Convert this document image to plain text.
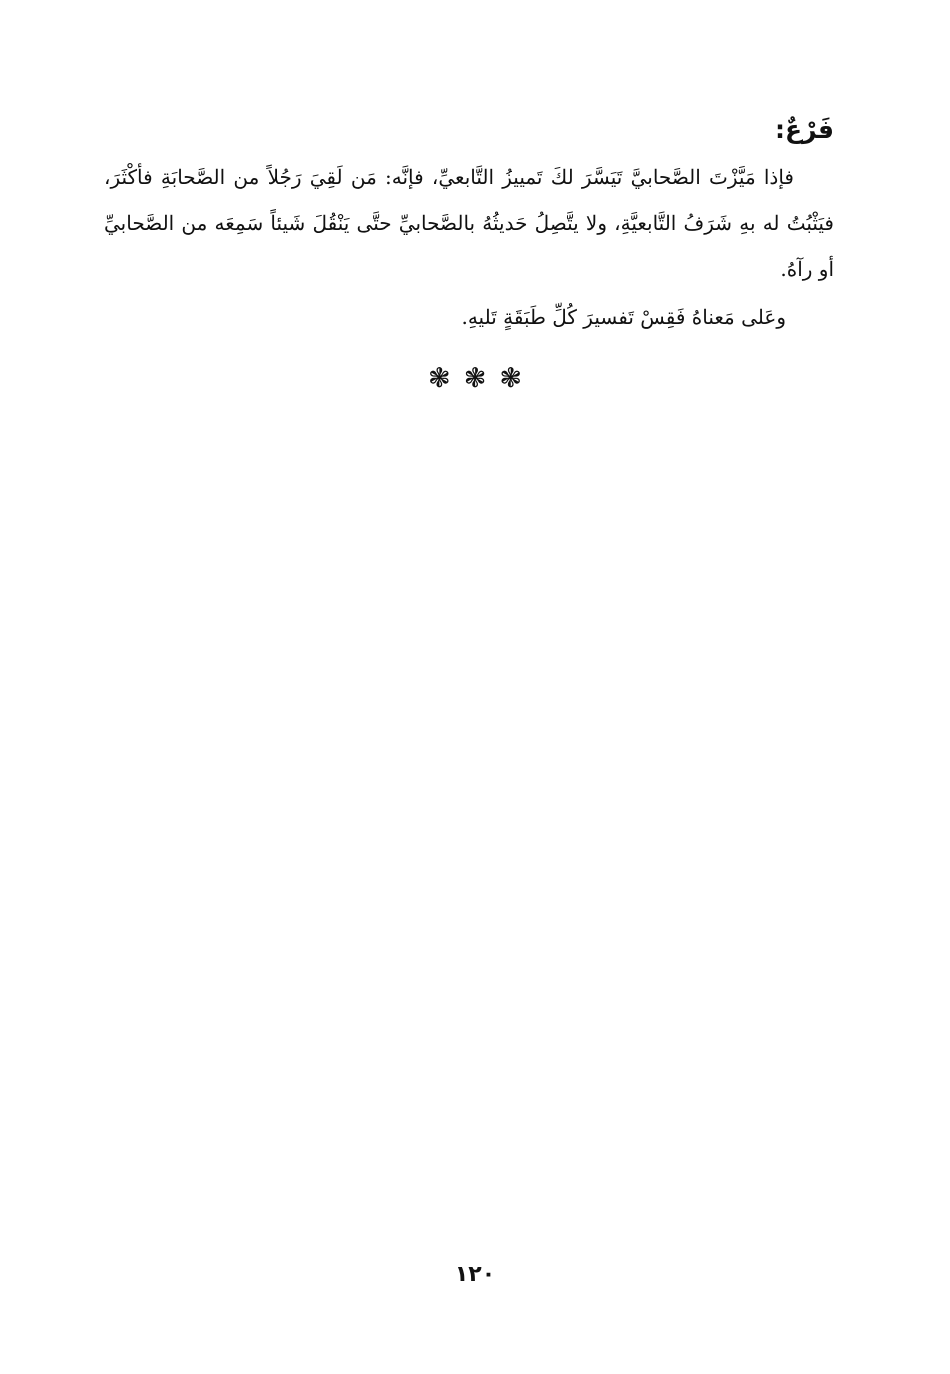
فَرْعٌ:

فإذا مَيَّزْتَ الصَّحابيَّ تَيَسَّرَ لكَ تَمييزُ التَّابعيِّ، فإنَّه: مَن لَقِيَ رَجُلاً من الصَّحابَةِ فأكْثَرَ، فيَثْبُتُ له بهِ شَرَفُ التَّابعيَّةِ، ولا يتَّصِلُ حَديثُهُ بالصَّحابيِّ حتَّى يَنْقُلَ شَيئاً سَمِعَه من الصَّحابيِّ أو رآهُ.

وعَلى مَعناهُ فَقِسْ تَفسيرَ كُلِّ طَبَقَةٍ تَليهِ.

❃ ❃ ❃
١٢٠
